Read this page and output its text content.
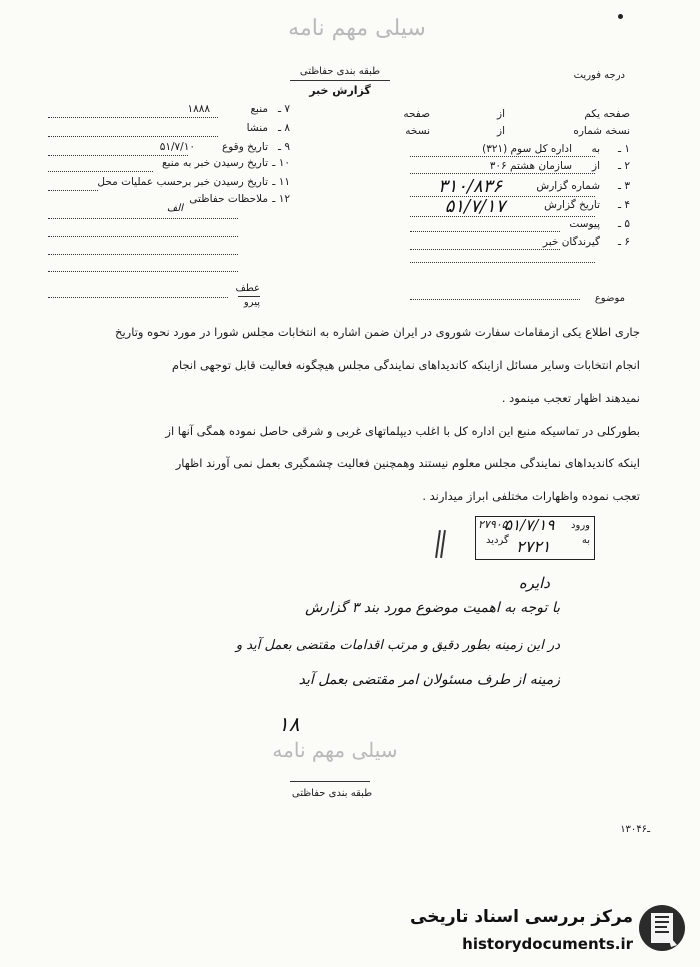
سیلی مهم نامه
طبقه بندی حفاظتی
گزارش خبر
درجه فوریت
صفحه یکم
از
صفحه
نسخه شماره
از
نسخه
۱ ـ
به
اداره کل سوم (۳۲۱)
۲ ـ
از
سازمان هشتم ۳۰۶
۳ ـ
شماره گزارش
۳۱۰/۸۳۶
۴ ـ
تاریخ گزارش
۵۱/۷/۱۷
۵ ـ
پیوست
۶ ـ
گیرندگان خبر
۷ ـ
منبع
۱۸۸۸
۸ ـ
منشا
۹ ـ
تاریخ وقوع
۵۱/۷/۱۰
۱۰ ـ
تاریخ رسیدن خبر به منبع
۱۱ ـ
تاریخ رسیدن خبر برحسب عملیات محل
۱۲ ـ
ملاحظات حفاظتی
الف
عطف
پیرو	موضوع
جاری اطلاع یکی ازمقامات سفارت شوروی در ایران ضمن اشاره به انتخابات مجلس شورا در مورد نحوه وتاریخ
انجام انتخابات وسایر مسائل ازاینکه کاندیداهای نمایندگی مجلس هیچگونه فعالیت قابل توجهی انجام
نمیدهند اظهار تعجب مینمود .
بطورکلی در تماسیکه منبع این اداره کل با اغلب دیپلماتهای غربی و شرقی حاصل نموده همگی آنها از
اینکه کاندیداهای نمایندگی مجلس معلوم نیستند وهمچنین فعالیت چشمگیری بعمل نمی آورند اظهار
تعجب نموده واظهارات مختلفی ابراز میدارند .
ورود
به
۵۱/۷/۱۹
۲۷۹۰۵
گردید ۲۷۲۱
دایره
با توجه به اهمیت موضوع مورد بند ۳ گزارش
در این زمینه بطور دقیق و مرتب اقدامات مقتضی بعمل آید و
زمینه از طرف مسئولان امر مقتضی بعمل آید
۱۸
سیلی مهم نامه
طبقه بندی حفاظتی
۱۳۰ـ۴۶
مرکز بررسی اسناد تاریخی
historydocuments.ir
